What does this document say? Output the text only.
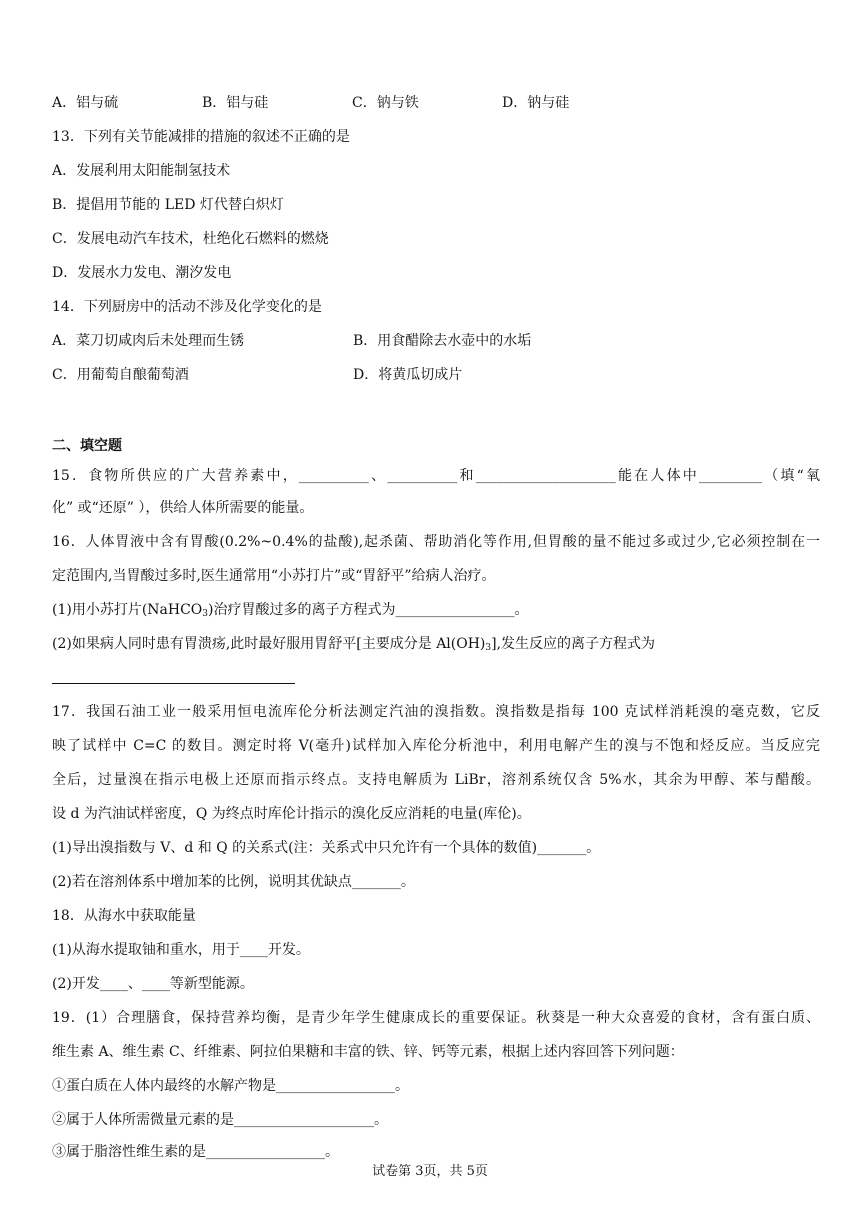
A．铝与硫	B．铝与硅	C．钠与铁	D．钠与硅
13．下列有关节能减排的措施的叙述不正确的是
A．发展利用太阳能制氢技术
B．提倡用节能的 LED 灯代替白炽灯
C．发展电动汽车技术，杜绝化石燃料的燃烧
D．发展水力发电、潮汐发电
14．下列厨房中的活动不涉及化学变化的是
A．菜刀切咸肉后未处理而生锈	B．用食醋除去水壶中的水垢
C．用葡萄自酿葡萄酒	D．将黄瓜切成片
二、填空题
15．食物所供应的广大营养素中，__________、__________和____________________能在人体中_________（填“氧
化” 或“还原” ），供给人体所需要的能量。
16．人体胃液中含有胃酸(0.2%~0.4%的盐酸),起杀菌、帮助消化等作用,但胃酸的量不能过多或过少,它必须控制在一
定范围内,当胃酸过多时,医生通常用“小苏打片”或“胃舒平”给病人治疗。
(1)用小苏打片(NaHCO$_3$)治疗胃酸过多的离子方程式为_________________。
(2)如果病人同时患有胃溃疡,此时最好服用胃舒平[主要成分是 $Al(OH)_3$],发生反应的离子方程式为
17．我国石油工业一般采用恒电流库伦分析法测定汽油的溴指数。溴指数是指每 100 克试样消耗溴的毫克数，它反
映了试样中 C=C 的数目。测定时将 V(毫升)试样加入库伦分析池中，利用电解产生的溴与不饱和烃反应。当反应完
全后，过量溴在指示电极上还原而指示终点。支持电解质为 LiBr，溶剂系统仅含 5%水，其余为甲醇、苯与醋酸。
设 d 为汽油试样密度，Q 为终点时库伦计指示的溴化反应消耗的电量(库伦)。
(1)导出溴指数与 V、d 和 Q 的关系式(注：关系式中只允许有一个具体的数值)_______。
(2)若在溶剂体系中增加苯的比例，说明其优缺点_______。
18．从海水中获取能量
(1)从海水提取铀和重水，用于____开发。
(2)开发____、____等新型能源。
19．(1）合理膳食，保持营养均衡，是青少年学生健康成长的重要保证。秋葵是一种大众喜爱的食材，含有蛋白质、
维生素 A、维生素 C、纤维素、阿拉伯果糖和丰富的铁、锌、钙等元素，根据上述内容回答下列问题：
①蛋白质在人体内最终的水解产物是_________________。
②属于人体所需微量元素的是____________________。
③属于脂溶性维生素的是_________________。
试卷第 3页，共 5页
